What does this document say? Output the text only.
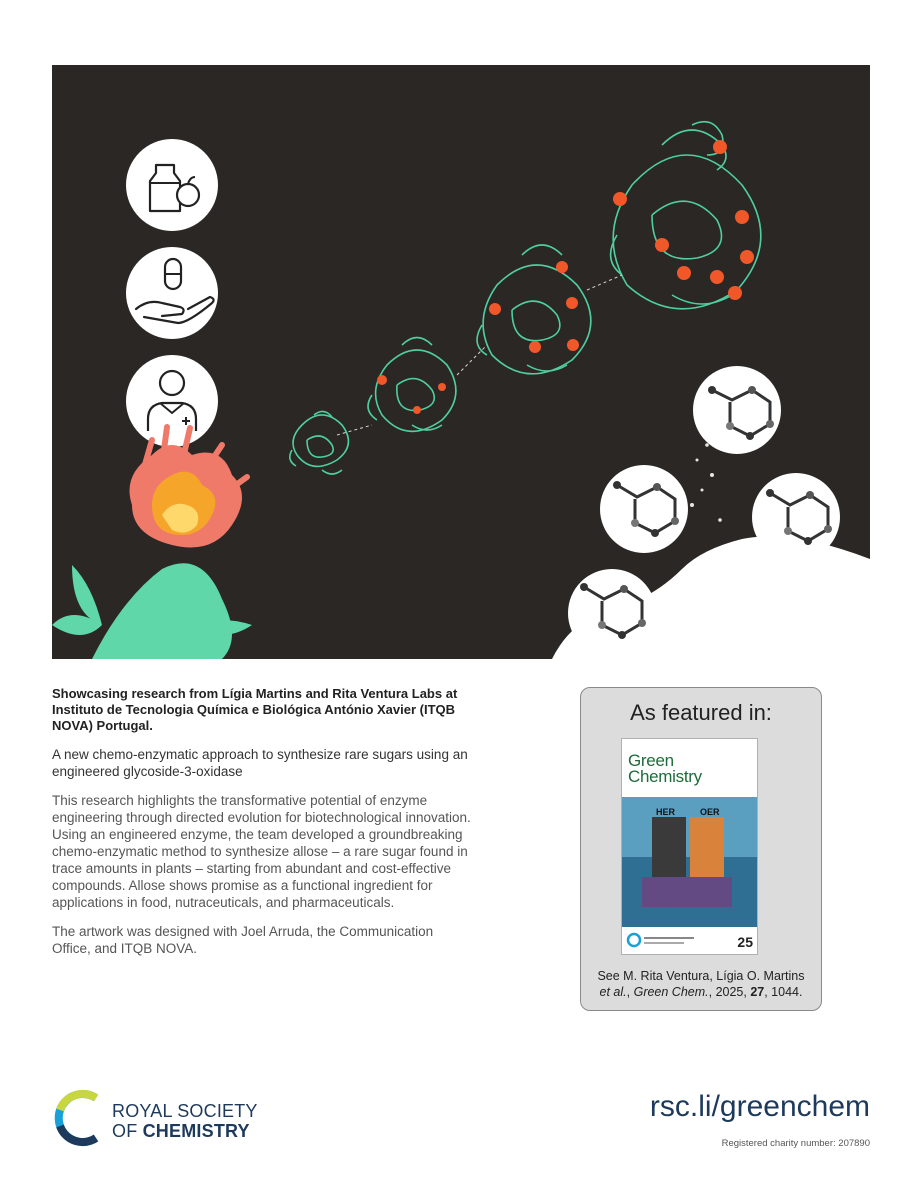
Showcasing research from Lígia Martins and Rita Ventura Labs at Instituto de Tecnologia Química e Biológica António Xavier (ITQB NOVA) Portugal.

A new chemo-enzymatic approach to synthesize rare sugars using an engineered glycoside-3-oxidase

This research highlights the transformative potential of enzyme engineering through directed evolution for biotechnological innovation. Using an engineered enzyme, the team developed a groundbreaking chemo-enzymatic method to synthesize allose – a rare sugar found in trace amounts in plants – starting from abundant and cost-effective compounds. Allose shows promise as a functional ingredient for applications in food, nutraceuticals, and pharmaceuticals.

The artwork was designed with Joel Arruda, the Communication Office, and ITQB NOVA.

As featured in:
Green
Chemistry
HER	OER
25
See M. Rita Ventura, Lígia O. Martins
et al., Green Chem., 2025, 27, 1044.
ROYAL SOCIETY
OF CHEMISTRY
rsc.li/greenchem
Registered charity number: 207890
